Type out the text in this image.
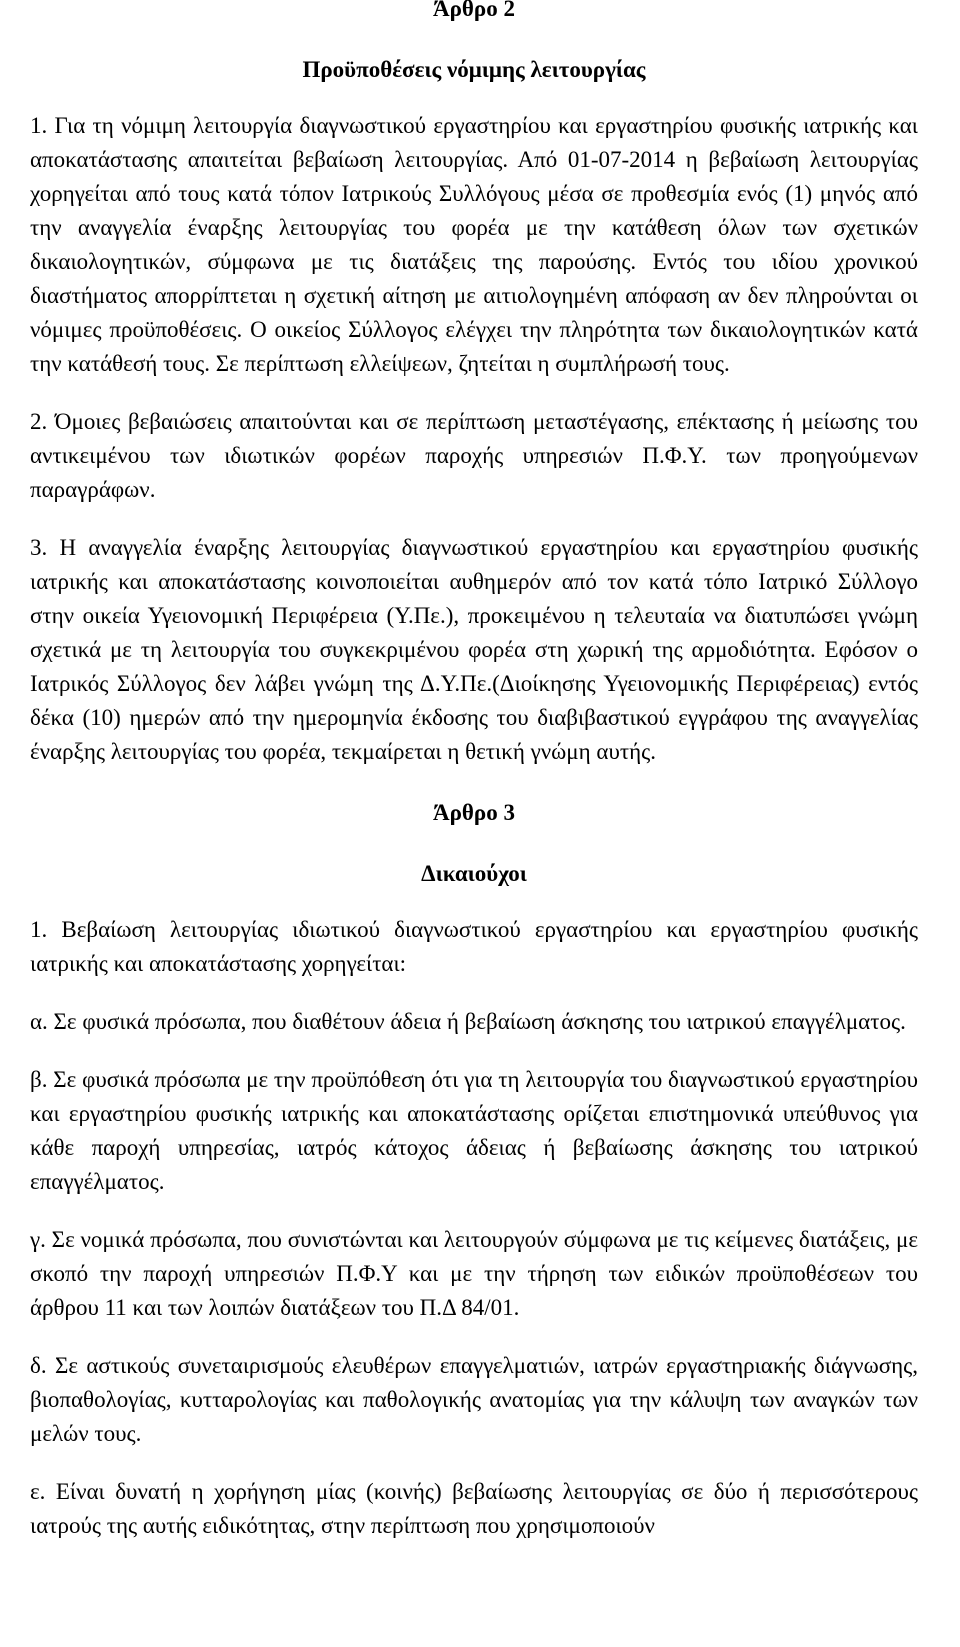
Άρθρο 2
Προϋποθέσεις νόμιμης λειτουργίας

1. Για τη νόμιμη λειτουργία διαγνωστικού εργαστηρίου και εργαστηρίου φυσικής ιατρικής και αποκατάστασης απαιτείται βεβαίωση λειτουργίας. Από 01-07-2014 η βεβαίωση λειτουργίας χορηγείται από τους κατά τόπον Ιατρικούς Συλλόγους μέσα σε προθεσμία ενός (1) μηνός από την αναγγελία έναρξης λειτουργίας του φορέα με την κατάθεση όλων των σχετικών δικαιολογητικών, σύμφωνα με τις διατάξεις της παρούσης. Εντός του ιδίου χρονικού διαστήματος απορρίπτεται η σχετική αίτηση με αιτιολογημένη απόφαση αν δεν πληρούνται οι νόμιμες προϋποθέσεις. Ο οικείος Σύλλογος ελέγχει την πληρότητα των δικαιολογητικών κατά την κατάθεσή τους. Σε περίπτωση ελλείψεων, ζητείται η συμπλήρωσή τους.

2. Όμοιες βεβαιώσεις απαιτούνται και σε περίπτωση μεταστέγασης, επέκτασης ή μείωσης του αντικειμένου των ιδιωτικών φορέων παροχής υπηρεσιών Π.Φ.Υ. των προηγούμενων παραγράφων.

3. Η αναγγελία έναρξης λειτουργίας διαγνωστικού εργαστηρίου και εργαστηρίου φυσικής ιατρικής και αποκατάστασης κοινοποιείται αυθημερόν από τον κατά τόπο Ιατρικό Σύλλογο στην οικεία Υγειονομική Περιφέρεια (Υ.Πε.), προκειμένου η τελευταία να διατυπώσει γνώμη σχετικά με τη λειτουργία του συγκεκριμένου φορέα στη χωρική της αρμοδιότητα. Εφόσον ο Ιατρικός Σύλλογος δεν λάβει γνώμη της Δ.Υ.Πε.(Διοίκησης Υγειονομικής Περιφέρειας) εντός δέκα (10) ημερών από την ημερομηνία έκδοσης του διαβιβαστικού εγγράφου της αναγγελίας έναρξης λειτουργίας του φορέα, τεκμαίρεται η θετική γνώμη αυτής.

Άρθρο 3
Δικαιούχοι

1. Βεβαίωση λειτουργίας ιδιωτικού διαγνωστικού εργαστηρίου και εργαστηρίου φυσικής ιατρικής και αποκατάστασης χορηγείται:

α. Σε φυσικά πρόσωπα, που διαθέτουν άδεια ή βεβαίωση άσκησης του ιατρικού επαγγέλματος.

β. Σε φυσικά πρόσωπα με την προϋπόθεση ότι για τη λειτουργία του διαγνωστικού εργαστηρίου και εργαστηρίου φυσικής ιατρικής και αποκατάστασης ορίζεται επιστημονικά υπεύθυνος για κάθε παροχή υπηρεσίας, ιατρός κάτοχος άδειας ή βεβαίωσης άσκησης του ιατρικού επαγγέλματος.

γ. Σε νομικά πρόσωπα, που συνιστώνται και λειτουργούν σύμφωνα με τις κείμενες διατάξεις, με σκοπό την παροχή υπηρεσιών Π.Φ.Υ και με την τήρηση των ειδικών προϋποθέσεων του άρθρου 11 και των λοιπών διατάξεων του Π.Δ 84/01.

δ. Σε αστικούς συνεταιρισμούς ελευθέρων επαγγελματιών, ιατρών εργαστηριακής διάγνωσης, βιοπαθολογίας, κυτταρολογίας και παθολογικής ανατομίας για την κάλυψη των αναγκών των μελών τους.

ε. Είναι δυνατή η χορήγηση μίας (κοινής) βεβαίωσης λειτουργίας σε δύο ή περισσότερους ιατρούς της αυτής ειδικότητας, στην περίπτωση που χρησιμοποιούν
